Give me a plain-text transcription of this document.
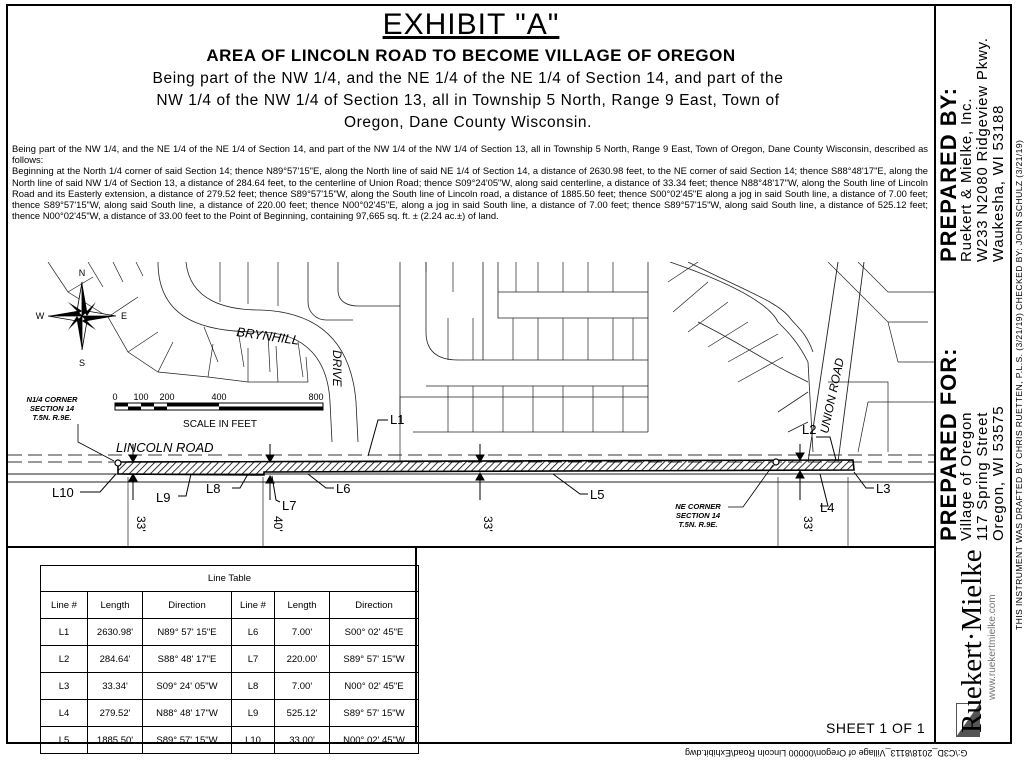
EXHIBIT "A"
AREA OF LINCOLN ROAD TO BECOME VILLAGE OF OREGON
Being part of the NW 1/4, and the NE 1/4 of the NE 1/4 of Section 14, and part of the
NW 1/4 of the NW 1/4 of Section 13, all in Township 5 North, Range 9 East, Town of
Oregon, Dane County Wisconsin.

Being part of the NW 1/4, and the NE 1/4 of the NE 1/4 of Section 14, and part of the NW 1/4 of the NW 1/4 of Section 13, all in Township 5 North, Range 9 East, Town of Oregon, Dane County Wisconsin, described as follows:

Beginning at the North 1/4 corner of said Section 14; thence N89°57'15"E, along the North line of said NE 1/4 of Section 14, a distance of 2630.98 feet, to the NE corner of said Section 14; thence S88°48'17"E, along the North line of said NW 1/4 of Section 13, a distance of 284.64 feet, to the centerline of Union Road; thence S09°24'05"W, along said centerline, a distance of 33.34 feet; thence N88°48'17"W, along the South line of Lincoln Road and its Easterly extension, a distance of 279.52 feet; thence S89°57'15"W, along the South line of Lincoln road, a distance of 1885.50 feet; thence S00°02'45"E along a jog in said South line, a distance of 7.00 feet; thence S89°57'15"W, along said South line, a distance of 220.00 feet; thence N00°02'45"E, along a jog in said South line, a distance of 7.00 feet; thence S89°57'15"W, along said South line, a distance of 525.12 feet; thence N00°02'45"W, a distance of 33.00 feet to the Point of Beginning, containing 97,665 sq. ft. ± (2.24 ac.±) of land.	PREPARED BY:
Ruekert & Mielke, Inc. W233 N2080 Ridgeview Pkwy. Waukesha, WI 53188
PREPARED FOR:
Village of Oregon 117 Spring Street Oregon, WI 53575
Ruekert·Mielke www.ruekertmielke.com
THIS INSTRUMENT WAS DRAFTED BY CHRIS RUETTEN, P.L.S. (3/21/19) CHECKED BY: JOHN SCHULZ (3/21/19)
G:\C3D_2018\8113_Village of Oregon\00000 Lincoln Road\Exhibit.dwg
N
S
E
W
0 100 200	400	800
SCALE IN FEET
BRYNHILL
DRIVE
LINCOLN ROAD
UNION ROAD
N1/4 CORNER
SECTION 14
T.5N. R.9E.
NE CORNER
SECTION 14
T.5N. R.9E.
33'	40'	33'	33'
L1
L2
L3
L4
L5
L6
L7
L8
L9
L10
Line Table					
Line #	Length	Direction	Line #	Length	Direction
L1	2630.98'	N89° 57' 15"E	L6	7.00'	S00° 02' 45"E
L2	284.64'	S88° 48' 17"E	L7	220.00'	S89° 57' 15"W
L3	33.34'	S09° 24' 05"W	L8	7.00'	N00° 02' 45"E
L4	279.52'	N88° 48' 17"W	L9	525.12'	S89° 57' 15"W
L5	1885.50'	S89° 57' 15"W	L10	33.00'	N00° 02' 45"W
SHEET 1 OF 1
